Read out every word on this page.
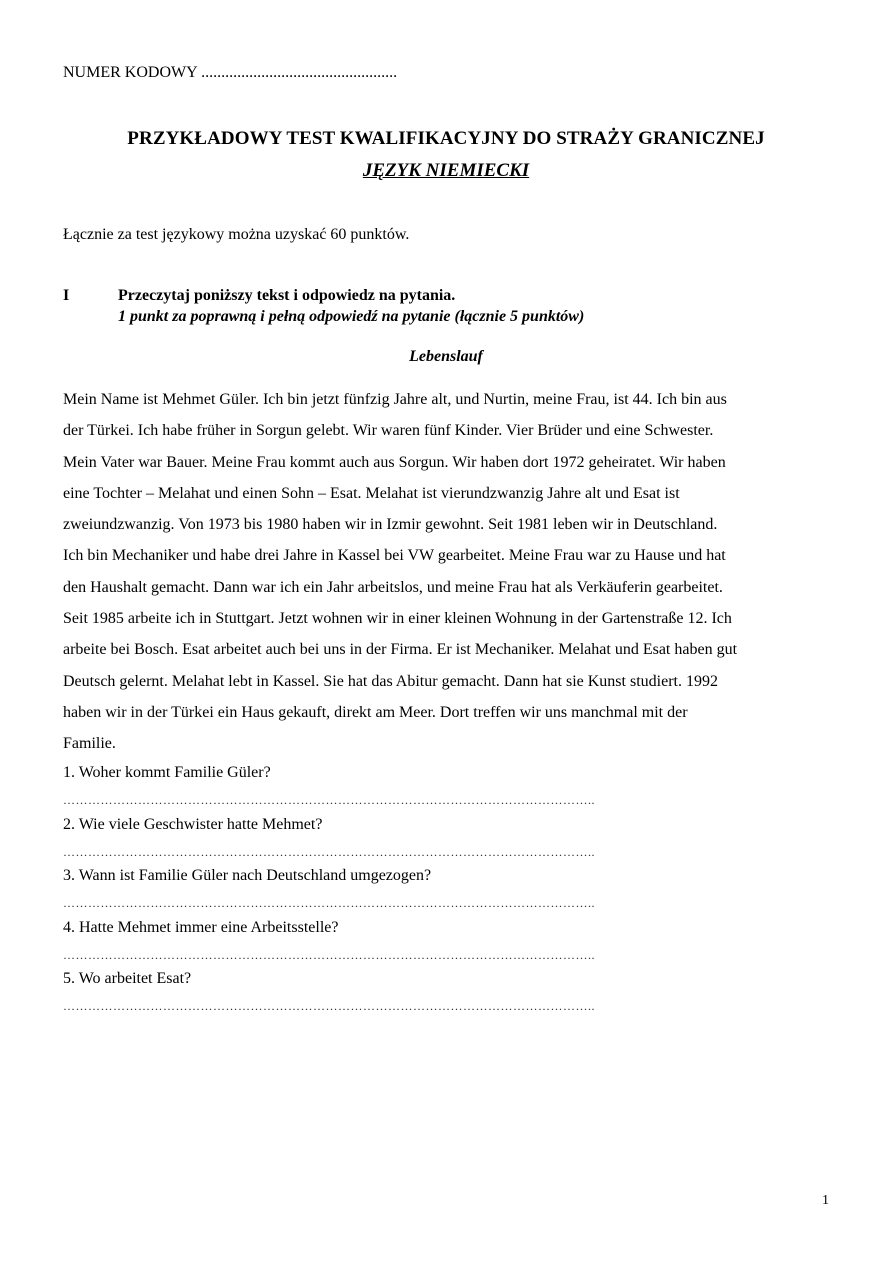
NUMER KODOWY .................................................
PRZYKŁADOWY TEST KWALIFIKACYJNY DO STRAŻY GRANICZNEJ
JĘZYK NIEMIECKI
Łącznie za test językowy można uzyskać 60 punktów.
I	Przeczytaj poniższy tekst i odpowiedz na pytania.
1 punkt za poprawną i pełną odpowiedź na pytanie (łącznie 5 punktów)
Lebenslauf
Mein Name ist Mehmet Güler. Ich bin jetzt fünfzig Jahre alt, und Nurtin, meine Frau, ist 44. Ich bin aus
der Türkei. Ich habe früher in Sorgun gelebt. Wir waren fünf Kinder. Vier Brüder und eine Schwester.
Mein Vater war Bauer. Meine Frau kommt auch aus Sorgun. Wir haben dort 1972 geheiratet. Wir haben
eine Tochter – Melahat und einen Sohn – Esat. Melahat ist vierundzwanzig Jahre alt und Esat ist
zweiundzwanzig. Von 1973 bis 1980 haben wir in Izmir gewohnt. Seit 1981 leben wir in Deutschland.
Ich bin Mechaniker und habe drei Jahre in Kassel bei VW gearbeitet. Meine Frau war zu Hause und hat
den Haushalt gemacht. Dann war ich ein Jahr arbeitslos, und meine Frau hat als Verkäuferin gearbeitet.
Seit 1985 arbeite ich in Stuttgart. Jetzt wohnen wir in einer kleinen Wohnung in der Gartenstraße 12. Ich
arbeite bei Bosch. Esat arbeitet auch bei uns in der Firma. Er ist Mechaniker. Melahat und Esat haben gut
Deutsch gelernt. Melahat lebt in Kassel. Sie hat das Abitur gemacht. Dann hat sie Kunst studiert. 1992
haben wir in der Türkei ein Haus gekauft, direkt am Meer. Dort treffen wir uns manchmal mit der
Familie.
1. Woher kommt Familie Güler?
………………………………………………………………………………………………………………..
2. Wie viele Geschwister hatte Mehmet?
………………………………………………………………………………………………………………..
3. Wann ist Familie Güler nach Deutschland umgezogen?
………………………………………………………………………………………………………………..
4. Hatte Mehmet immer eine Arbeitsstelle?
………………………………………………………………………………………………………………..
5. Wo arbeitet Esat?
………………………………………………………………………………………………………………..
1
